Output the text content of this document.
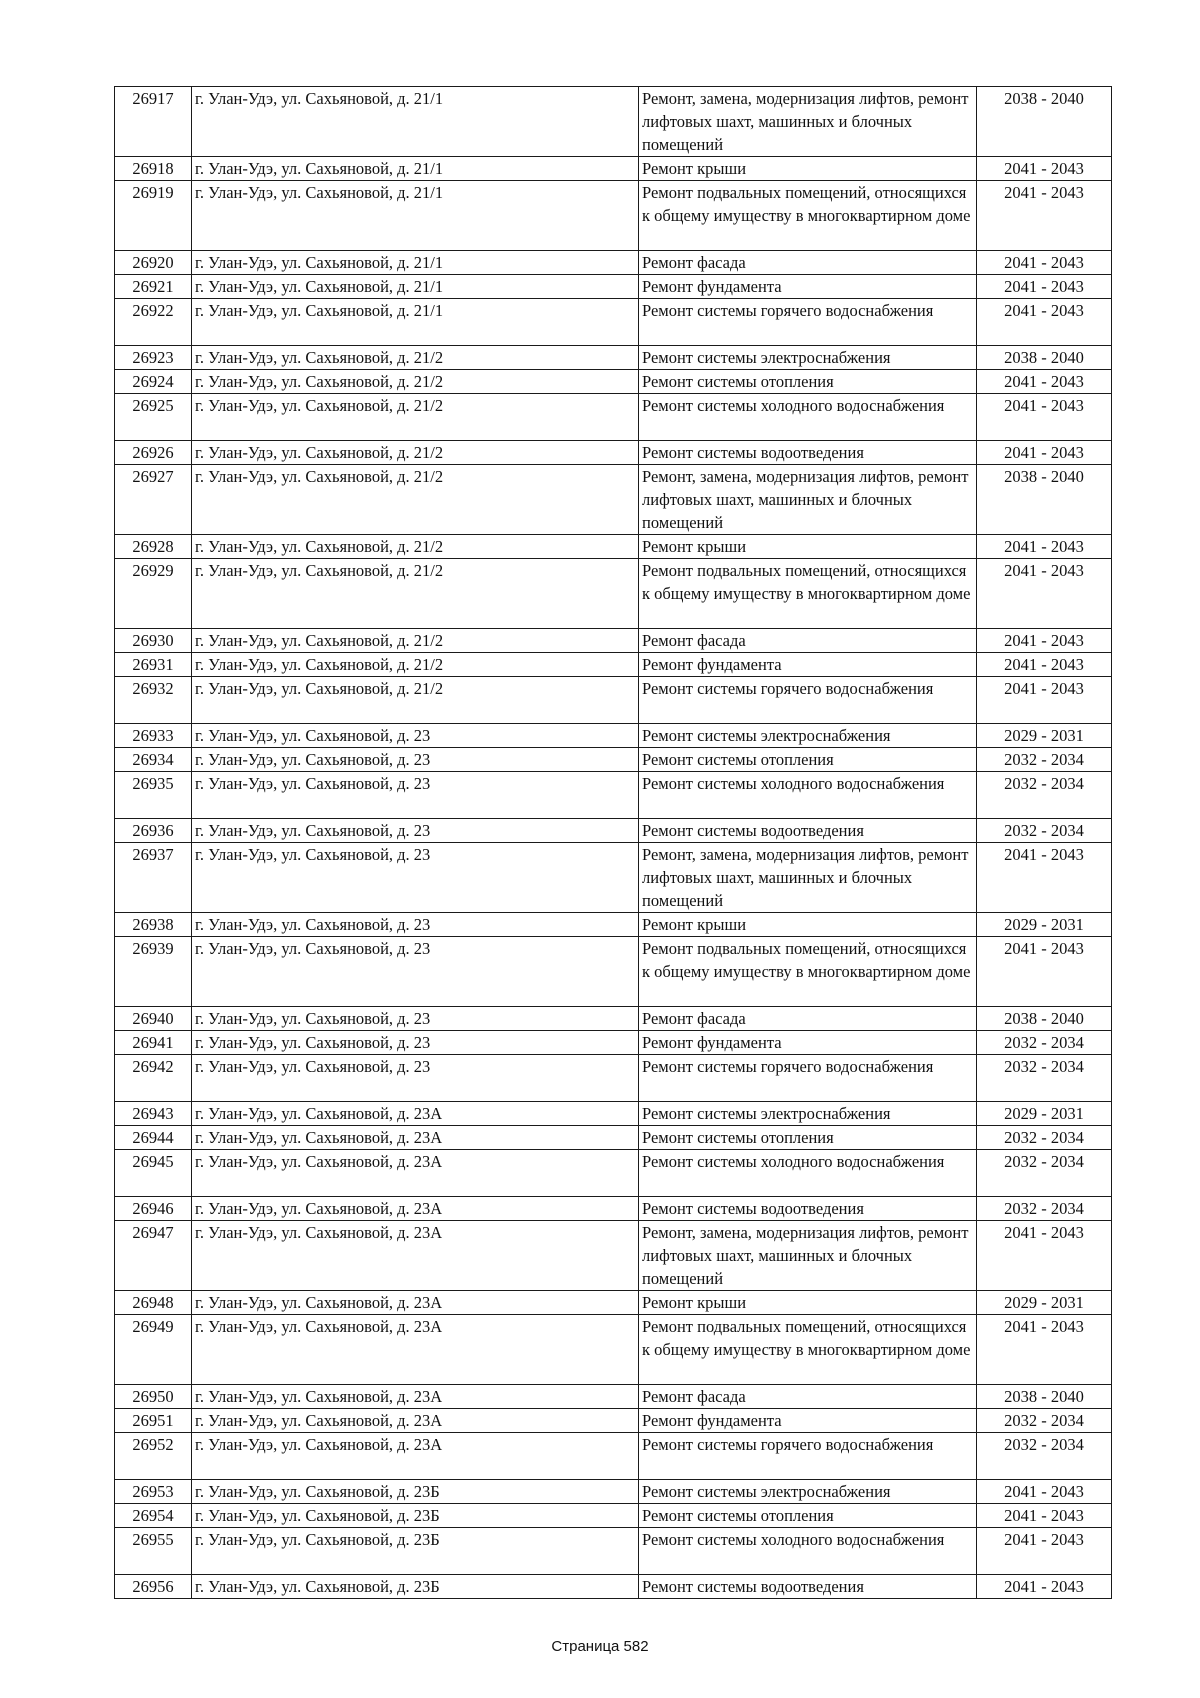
26917	г. Улан-Удэ, ул. Сахьяновой, д. 21/1	Ремонт, замена, модернизация лифтов, ремонт лифтовых шахт, машинных и блочных помещений	2038 - 2040
26918	г. Улан-Удэ, ул. Сахьяновой, д. 21/1	Ремонт крыши	2041 - 2043
26919	г. Улан-Удэ, ул. Сахьяновой, д. 21/1	Ремонт подвальных помещений, относящихся к общему имуществу в многоквартирном доме	2041 - 2043
26920	г. Улан-Удэ, ул. Сахьяновой, д. 21/1	Ремонт фасада	2041 - 2043
26921	г. Улан-Удэ, ул. Сахьяновой, д. 21/1	Ремонт фундамента	2041 - 2043
26922	г. Улан-Удэ, ул. Сахьяновой, д. 21/1	Ремонт системы горячего водоснабжения	2041 - 2043
26923	г. Улан-Удэ, ул. Сахьяновой, д. 21/2	Ремонт системы электроснабжения	2038 - 2040
26924	г. Улан-Удэ, ул. Сахьяновой, д. 21/2	Ремонт системы отопления	2041 - 2043
26925	г. Улан-Удэ, ул. Сахьяновой, д. 21/2	Ремонт системы холодного водоснабжения	2041 - 2043
26926	г. Улан-Удэ, ул. Сахьяновой, д. 21/2	Ремонт системы водоотведения	2041 - 2043
26927	г. Улан-Удэ, ул. Сахьяновой, д. 21/2	Ремонт, замена, модернизация лифтов, ремонт лифтовых шахт, машинных и блочных помещений	2038 - 2040
26928	г. Улан-Удэ, ул. Сахьяновой, д. 21/2	Ремонт крыши	2041 - 2043
26929	г. Улан-Удэ, ул. Сахьяновой, д. 21/2	Ремонт подвальных помещений, относящихся к общему имуществу в многоквартирном доме	2041 - 2043
26930	г. Улан-Удэ, ул. Сахьяновой, д. 21/2	Ремонт фасада	2041 - 2043
26931	г. Улан-Удэ, ул. Сахьяновой, д. 21/2	Ремонт фундамента	2041 - 2043
26932	г. Улан-Удэ, ул. Сахьяновой, д. 21/2	Ремонт системы горячего водоснабжения	2041 - 2043
26933	г. Улан-Удэ, ул. Сахьяновой, д. 23	Ремонт системы электроснабжения	2029 - 2031
26934	г. Улан-Удэ, ул. Сахьяновой, д. 23	Ремонт системы отопления	2032 - 2034
26935	г. Улан-Удэ, ул. Сахьяновой, д. 23	Ремонт системы холодного водоснабжения	2032 - 2034
26936	г. Улан-Удэ, ул. Сахьяновой, д. 23	Ремонт системы водоотведения	2032 - 2034
26937	г. Улан-Удэ, ул. Сахьяновой, д. 23	Ремонт, замена, модернизация лифтов, ремонт лифтовых шахт, машинных и блочных помещений	2041 - 2043
26938	г. Улан-Удэ, ул. Сахьяновой, д. 23	Ремонт крыши	2029 - 2031
26939	г. Улан-Удэ, ул. Сахьяновой, д. 23	Ремонт подвальных помещений, относящихся к общему имуществу в многоквартирном доме	2041 - 2043
26940	г. Улан-Удэ, ул. Сахьяновой, д. 23	Ремонт фасада	2038 - 2040
26941	г. Улан-Удэ, ул. Сахьяновой, д. 23	Ремонт фундамента	2032 - 2034
26942	г. Улан-Удэ, ул. Сахьяновой, д. 23	Ремонт системы горячего водоснабжения	2032 - 2034
26943	г. Улан-Удэ, ул. Сахьяновой, д. 23А	Ремонт системы электроснабжения	2029 - 2031
26944	г. Улан-Удэ, ул. Сахьяновой, д. 23А	Ремонт системы отопления	2032 - 2034
26945	г. Улан-Удэ, ул. Сахьяновой, д. 23А	Ремонт системы холодного водоснабжения	2032 - 2034
26946	г. Улан-Удэ, ул. Сахьяновой, д. 23А	Ремонт системы водоотведения	2032 - 2034
26947	г. Улан-Удэ, ул. Сахьяновой, д. 23А	Ремонт, замена, модернизация лифтов, ремонт лифтовых шахт, машинных и блочных помещений	2041 - 2043
26948	г. Улан-Удэ, ул. Сахьяновой, д. 23А	Ремонт крыши	2029 - 2031
26949	г. Улан-Удэ, ул. Сахьяновой, д. 23А	Ремонт подвальных помещений, относящихся к общему имуществу в многоквартирном доме	2041 - 2043
26950	г. Улан-Удэ, ул. Сахьяновой, д. 23А	Ремонт фасада	2038 - 2040
26951	г. Улан-Удэ, ул. Сахьяновой, д. 23А	Ремонт фундамента	2032 - 2034
26952	г. Улан-Удэ, ул. Сахьяновой, д. 23А	Ремонт системы горячего водоснабжения	2032 - 2034
26953	г. Улан-Удэ, ул. Сахьяновой, д. 23Б	Ремонт системы электроснабжения	2041 - 2043
26954	г. Улан-Удэ, ул. Сахьяновой, д. 23Б	Ремонт системы отопления	2041 - 2043
26955	г. Улан-Удэ, ул. Сахьяновой, д. 23Б	Ремонт системы холодного водоснабжения	2041 - 2043
26956	г. Улан-Удэ, ул. Сахьяновой, д. 23Б	Ремонт системы водоотведения	2041 - 2043
Страница 582
